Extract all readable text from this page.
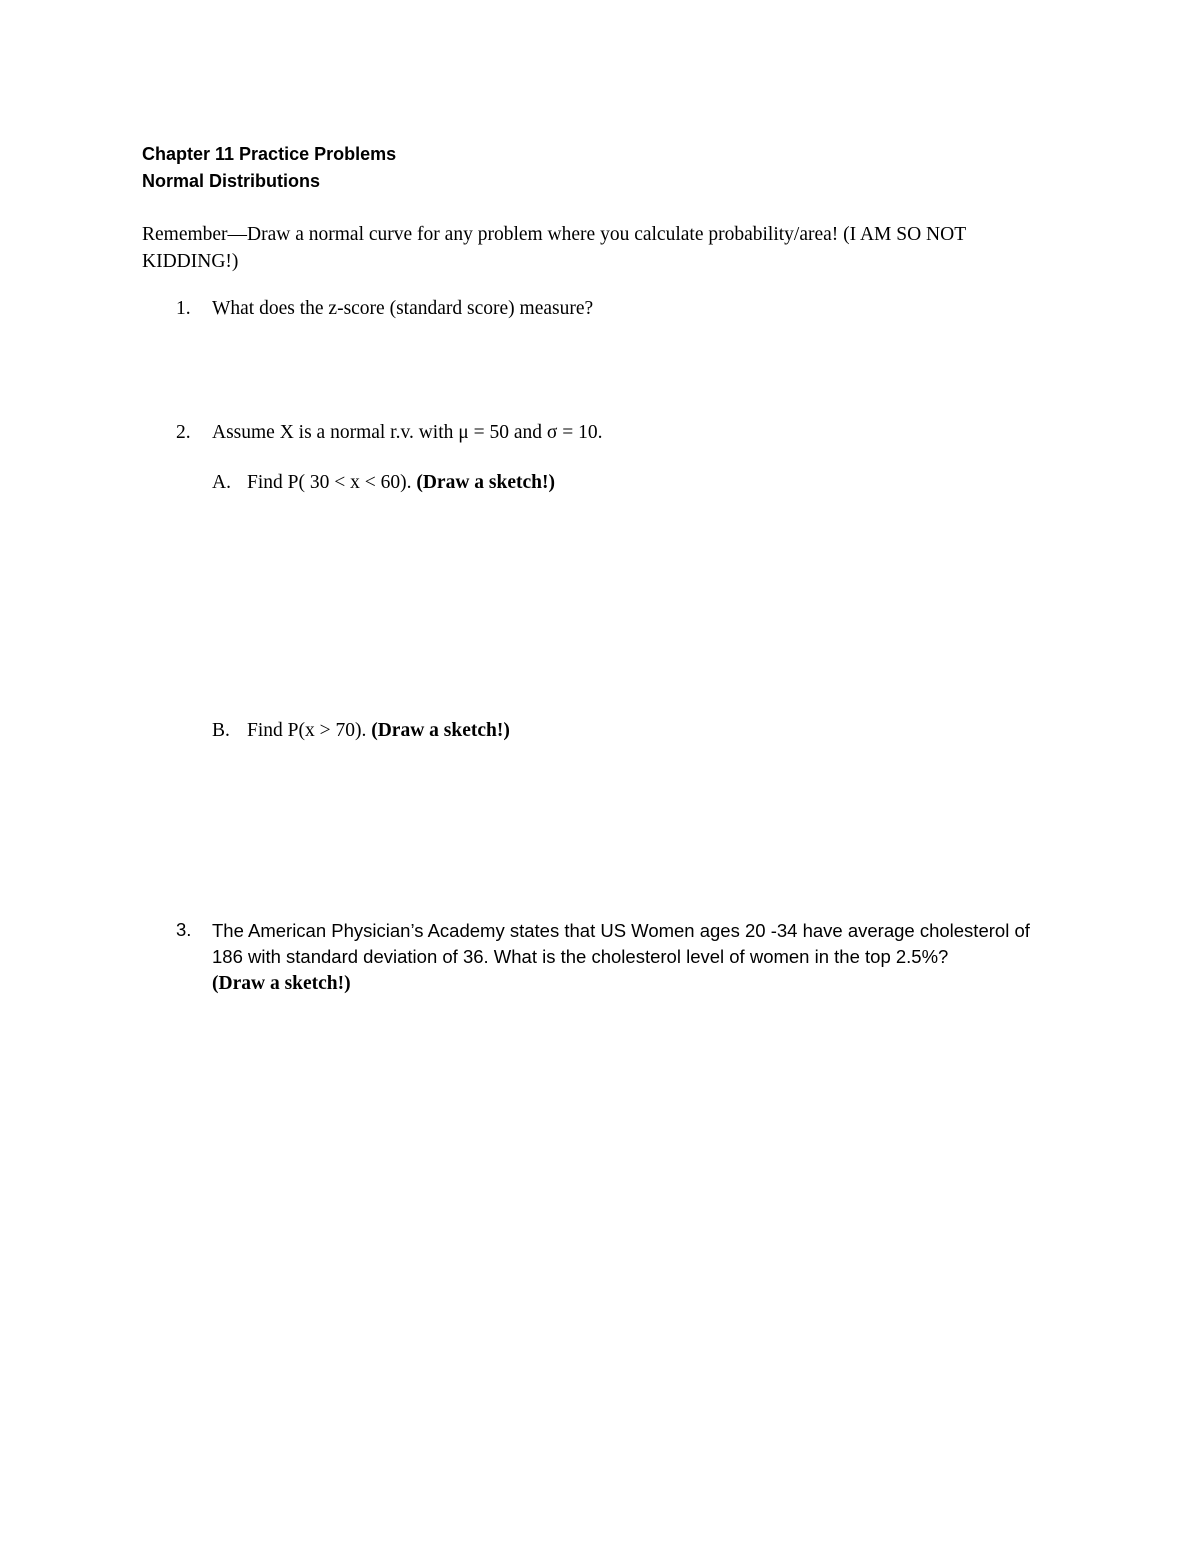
Chapter 11 Practice Problems
Normal Distributions
Remember—Draw a normal curve for any problem where you calculate probability/area! (I AM SO NOT KIDDING!)
1. What does the z-score (standard score) measure?
2. Assume X is a normal r.v. with μ = 50 and σ = 10.
A. Find P( 30 < x < 60). (Draw a sketch!)
B. Find P(x > 70). (Draw a sketch!)
3. The American Physician’s Academy states that US Women ages 20 -34 have average cholesterol of 186 with standard deviation of 36. What is the cholesterol level of women in the top 2.5%?
(Draw a sketch!)
